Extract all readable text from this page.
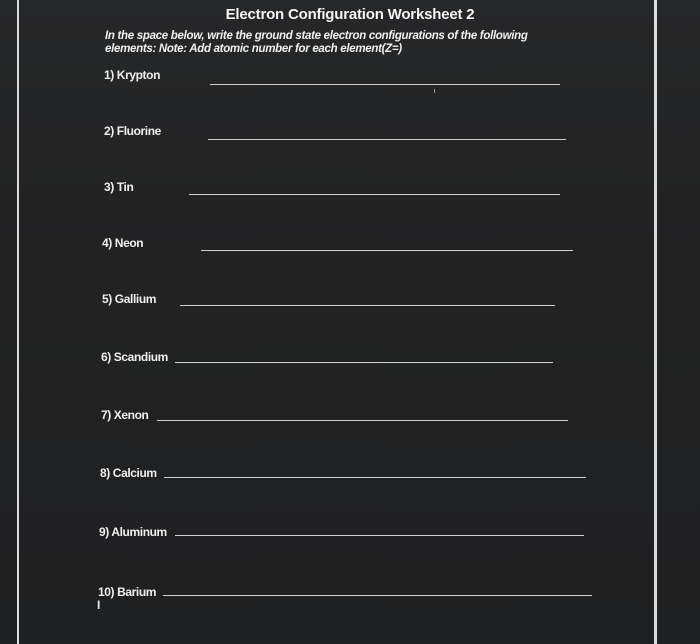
Electron Configuration Worksheet 2
In the space below, write the ground state electron configurations of the following elements: Note: Add atomic number for each element(Z=)
1) Krypton
2) Fluorine
3) Tin
4) Neon
5) Gallium
6) Scandium
7) Xenon
8) Calcium
9) Aluminum
10) Barium
I
